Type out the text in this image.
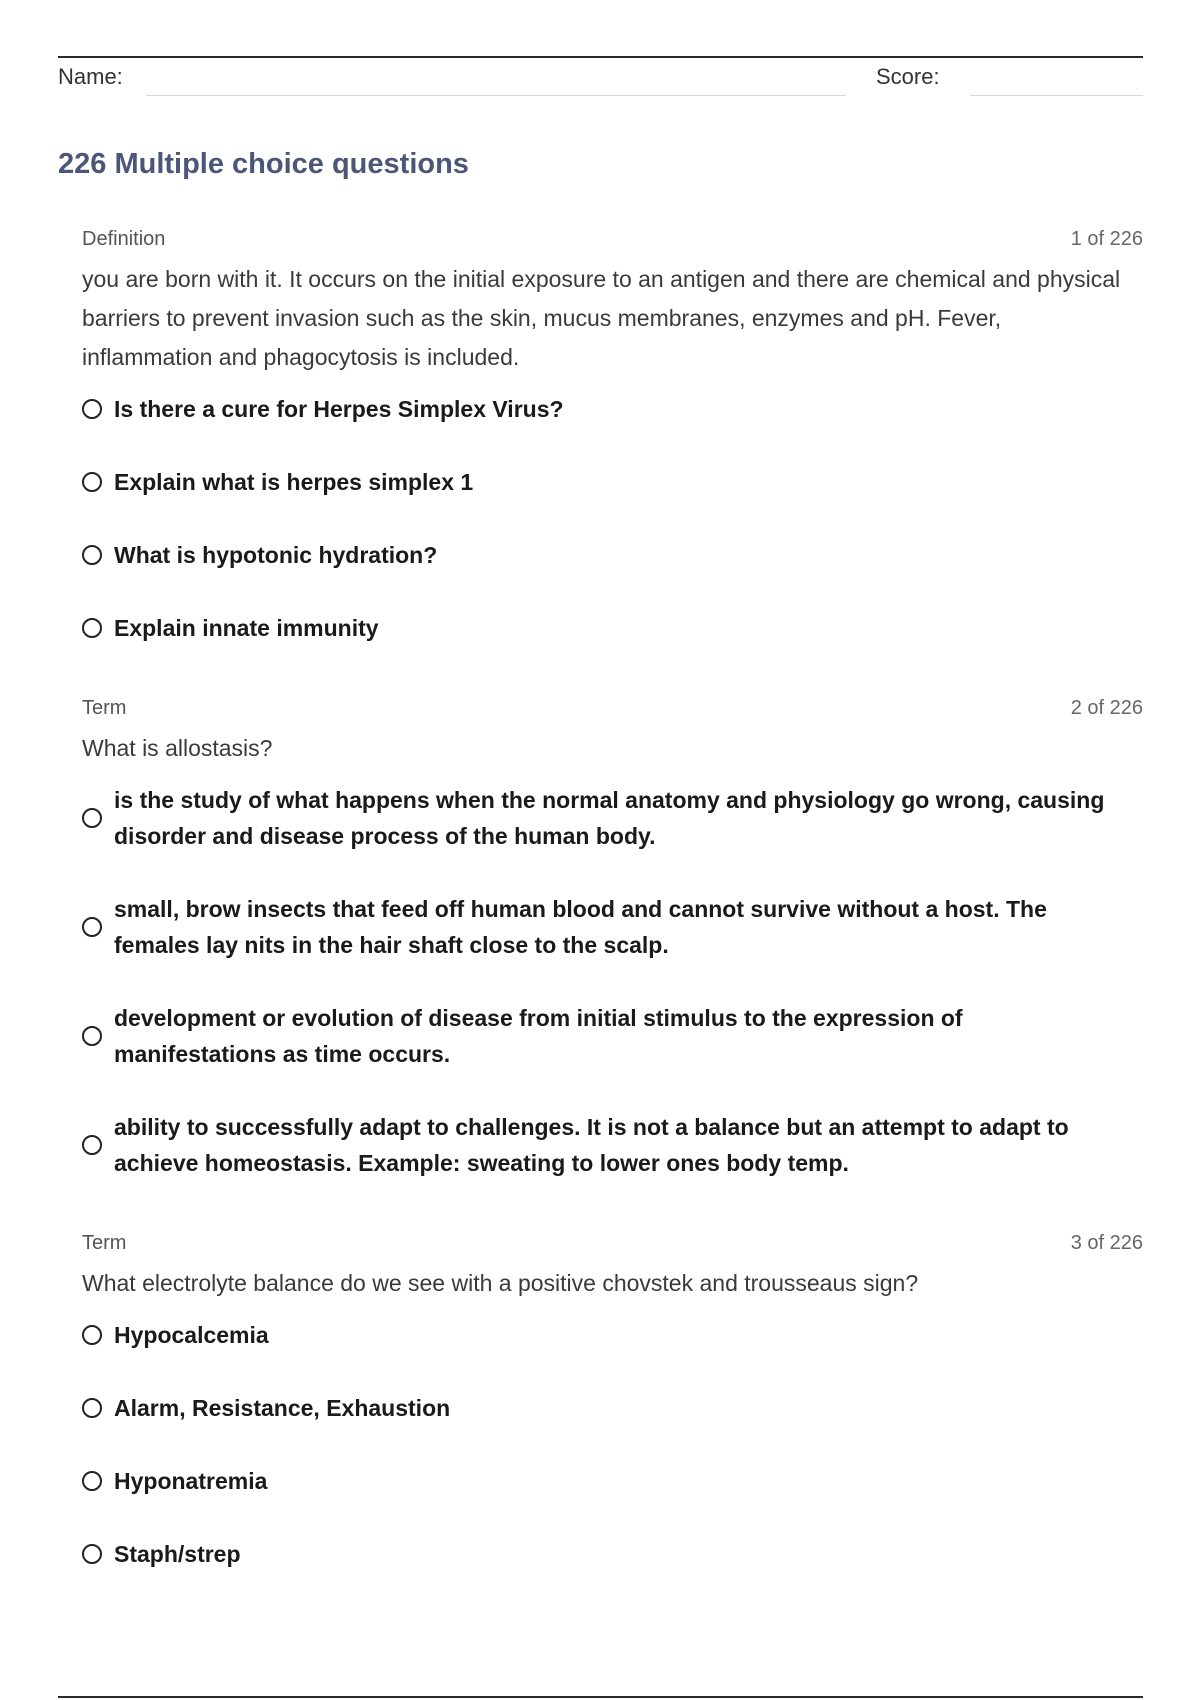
Name:	Score:
226 Multiple choice questions
Definition	1 of 226
you are born with it. It occurs on the initial exposure to an antigen and there are chemical and physical barriers to prevent invasion such as the skin, mucus membranes, enzymes and pH. Fever, inflammation and phagocytosis is included.
Is there a cure for Herpes Simplex Virus?
Explain what is herpes simplex 1
What is hypotonic hydration?
Explain innate immunity
Term	2 of 226
What is allostasis?
is the study of what happens when the normal anatomy and physiology go wrong, causing disorder and disease process of the human body.
small, brow insects that feed off human blood and cannot survive without a host. The females lay nits in the hair shaft close to the scalp.
development or evolution of disease from initial stimulus to the expression of manifestations as time occurs.
ability to successfully adapt to challenges. It is not a balance but an attempt to adapt to achieve homeostasis. Example: sweating to lower ones body temp.
Term	3 of 226
What electrolyte balance do we see with a positive chovstek and trousseaus sign?
Hypocalcemia
Alarm, Resistance, Exhaustion
Hyponatremia
Staph/strep
